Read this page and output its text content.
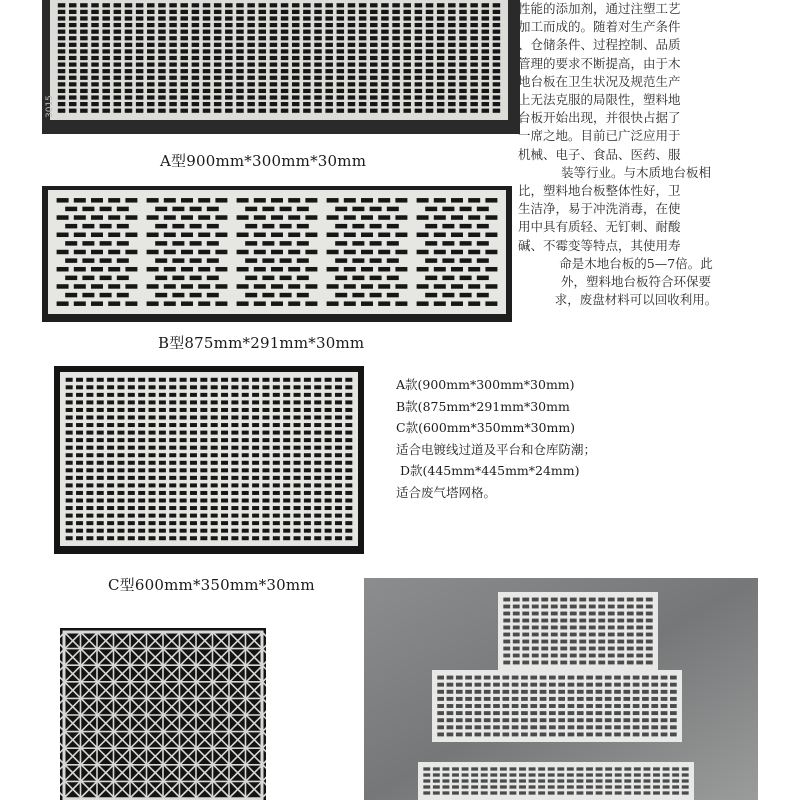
3015
A型900mm*300mm*30mm
B型875mm*291mm*30mm
性能的添加剂，通过注塑工艺
加工而成的。随着对生产条件
、仓储条件、过程控制、品质
管理的要求不断提高，由于木
地台板在卫生状况及规范生产
上无法克服的局限性，塑料地
台板开始出现，并很快占据了
一席之地。目前已广泛应用于
机械、电子、食品、医药、服
装等行业。与木质地台板相
比，塑料地台板整体性好，卫
生洁净，易于冲洗消毒，在使
用中具有质轻、无钉刺、耐酸
碱、不霉变等特点，其使用寿
命是木地台板的5—7倍。此
外，塑料地台板符合环保要
求，废盘材料可以回收利用。
C型600mm*350mm*30mm
A款(900mm*300mm*30mm)
B款(875mm*291mm*30mm
C款(600mm*350mm*30mm)
适合电镀线过道及平台和仓库防潮；
D款(445mm*445mm*24mm)
适合废气塔网格。
